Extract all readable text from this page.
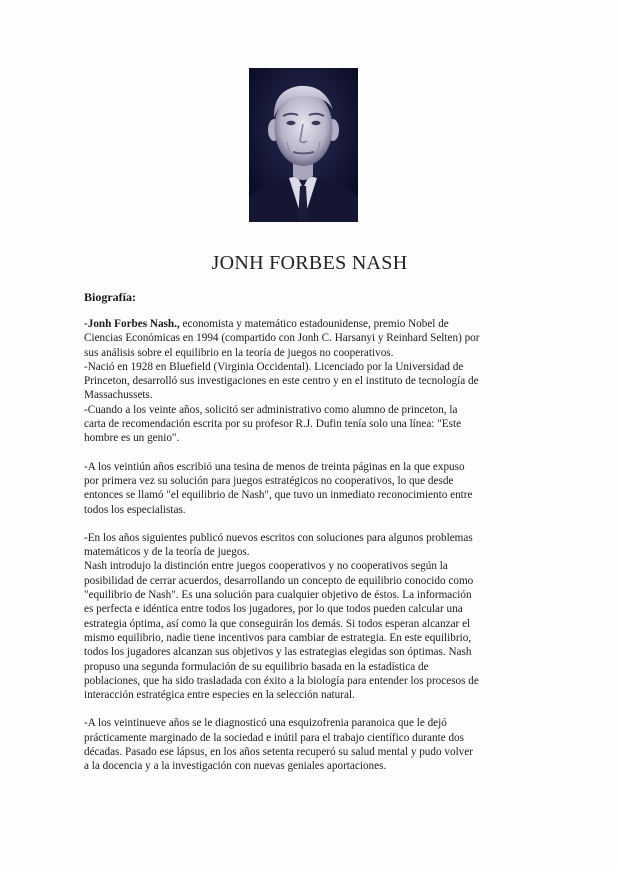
JONH FORBES NASH
Biografía:
-Jonh Forbes Nash., economista y matemático estadounidense, premio Nobel de
Ciencias Económicas en 1994 (compartido con Jonh C. Harsanyi y Reinhard Selten) por
sus análisis sobre el equilibrio en la teoría de juegos no cooperativos.
-Nació en 1928 en Bluefield (Virginia Occidental). Licenciado por la Universidad de
Princeton, desarrolló sus investigaciones en este centro y en el instituto de tecnología de
Massachussets.
-Cuando a los veinte años, solicitó ser administrativo como alumno de princeton, la
carta de recomendación escrita por su profesor R.J. Dufin tenía solo una línea: "Este
hombre es un genio".
-A los veintiún años escribió una tesina de menos de treinta páginas en la que expuso
por primera vez su solución para juegos estratégicos no cooperativos, lo que desde
entonces se llamó "el equilibrio de Nash", que tuvo un inmediato reconocimiento entre
todos los especialistas.
-En los años siguientes publicó nuevos escritos con soluciones para algunos problemas
matemáticos y de la teoría de juegos.
Nash introdujo la distinción entre juegos cooperativos y no cooperativos según la
posibilidad de cerrar acuerdos, desarrollando un concepto de equilibrio conocido como
"equilibrio de Nash". Es una solución para cualquier objetivo de éstos. La información
es perfecta e idéntica entre todos los jugadores, por lo que todos pueden calcular una
estrategia óptima, así como la que conseguirán los demás. Si todos esperan alcanzar el
mismo equilibrio, nadie tiene incentivos para cambiar de estrategia. En este equilibrio,
todos los jugadores alcanzan sus objetivos y las estrategias elegidas son óptimas. Nash
propuso una segunda formulación de su equilibrio basada en la estadística de
poblaciones, que ha sido trasladada con éxito a la biología para entender los procesos de
interacción estratégica entre especies en la selección natural.
-A los veintinueve años se le diagnosticó una esquizofrenia paranoica que le dejó
prácticamente marginado de la sociedad e inútil para el trabajo científico durante dos
décadas. Pasado ese lápsus, en los años setenta recuperó su salud mental y pudo volver
a la docencia y a la investigación con nuevas geniales aportaciones.
